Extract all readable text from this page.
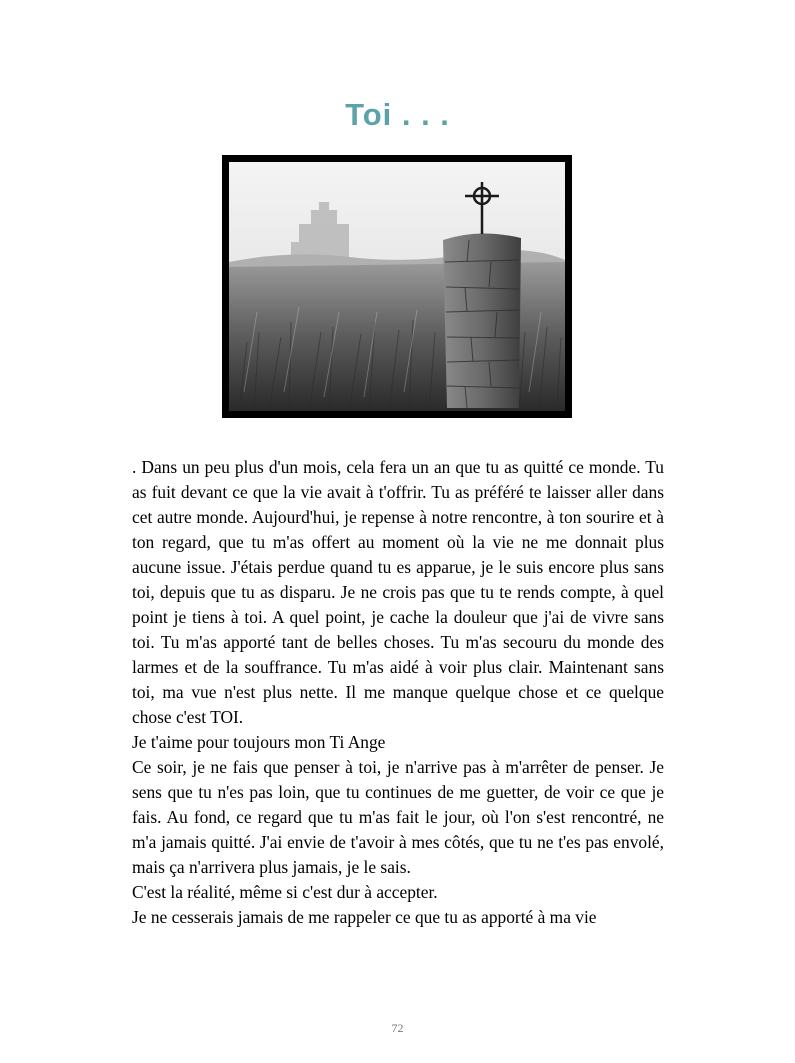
Toi . . .

. Dans un peu plus d'un mois, cela fera un an que tu as quitté ce monde. Tu as fuit devant ce que la vie avait à t'offrir. Tu as préféré te laisser aller dans cet autre monde. Aujourd'hui, je repense à notre rencontre, à ton sourire et à ton regard, que tu m'as offert au moment où la vie ne me donnait plus aucune issue. J'étais perdue quand tu es apparue, je le suis encore plus sans toi, depuis que tu as disparu. Je ne crois pas que tu te rends compte, à quel point je tiens à toi. A quel point, je cache la douleur que j'ai de vivre sans toi. Tu m'as apporté tant de belles choses. Tu m'as secouru du monde des larmes et de la souffrance. Tu m'as aidé à voir plus clair. Maintenant sans toi, ma vue n'est plus nette. Il me manque quelque chose et ce quelque chose c'est TOI.

Je t'aime pour toujours mon Ti Ange

Ce soir, je ne fais que penser à toi, je n'arrive pas à m'arrêter de penser. Je sens que tu n'es pas loin, que tu continues de me guetter, de voir ce que je fais. Au fond, ce regard que tu m'as fait le jour, où l'on s'est rencontré, ne m'a jamais quitté. J'ai envie de t'avoir à mes côtés, que tu ne t'es pas envolé, mais ça n'arrivera plus jamais, je le sais.

C'est la réalité, même si c'est dur à accepter.

Je ne cesserais jamais de me rappeler ce que tu as apporté à ma vie

72
